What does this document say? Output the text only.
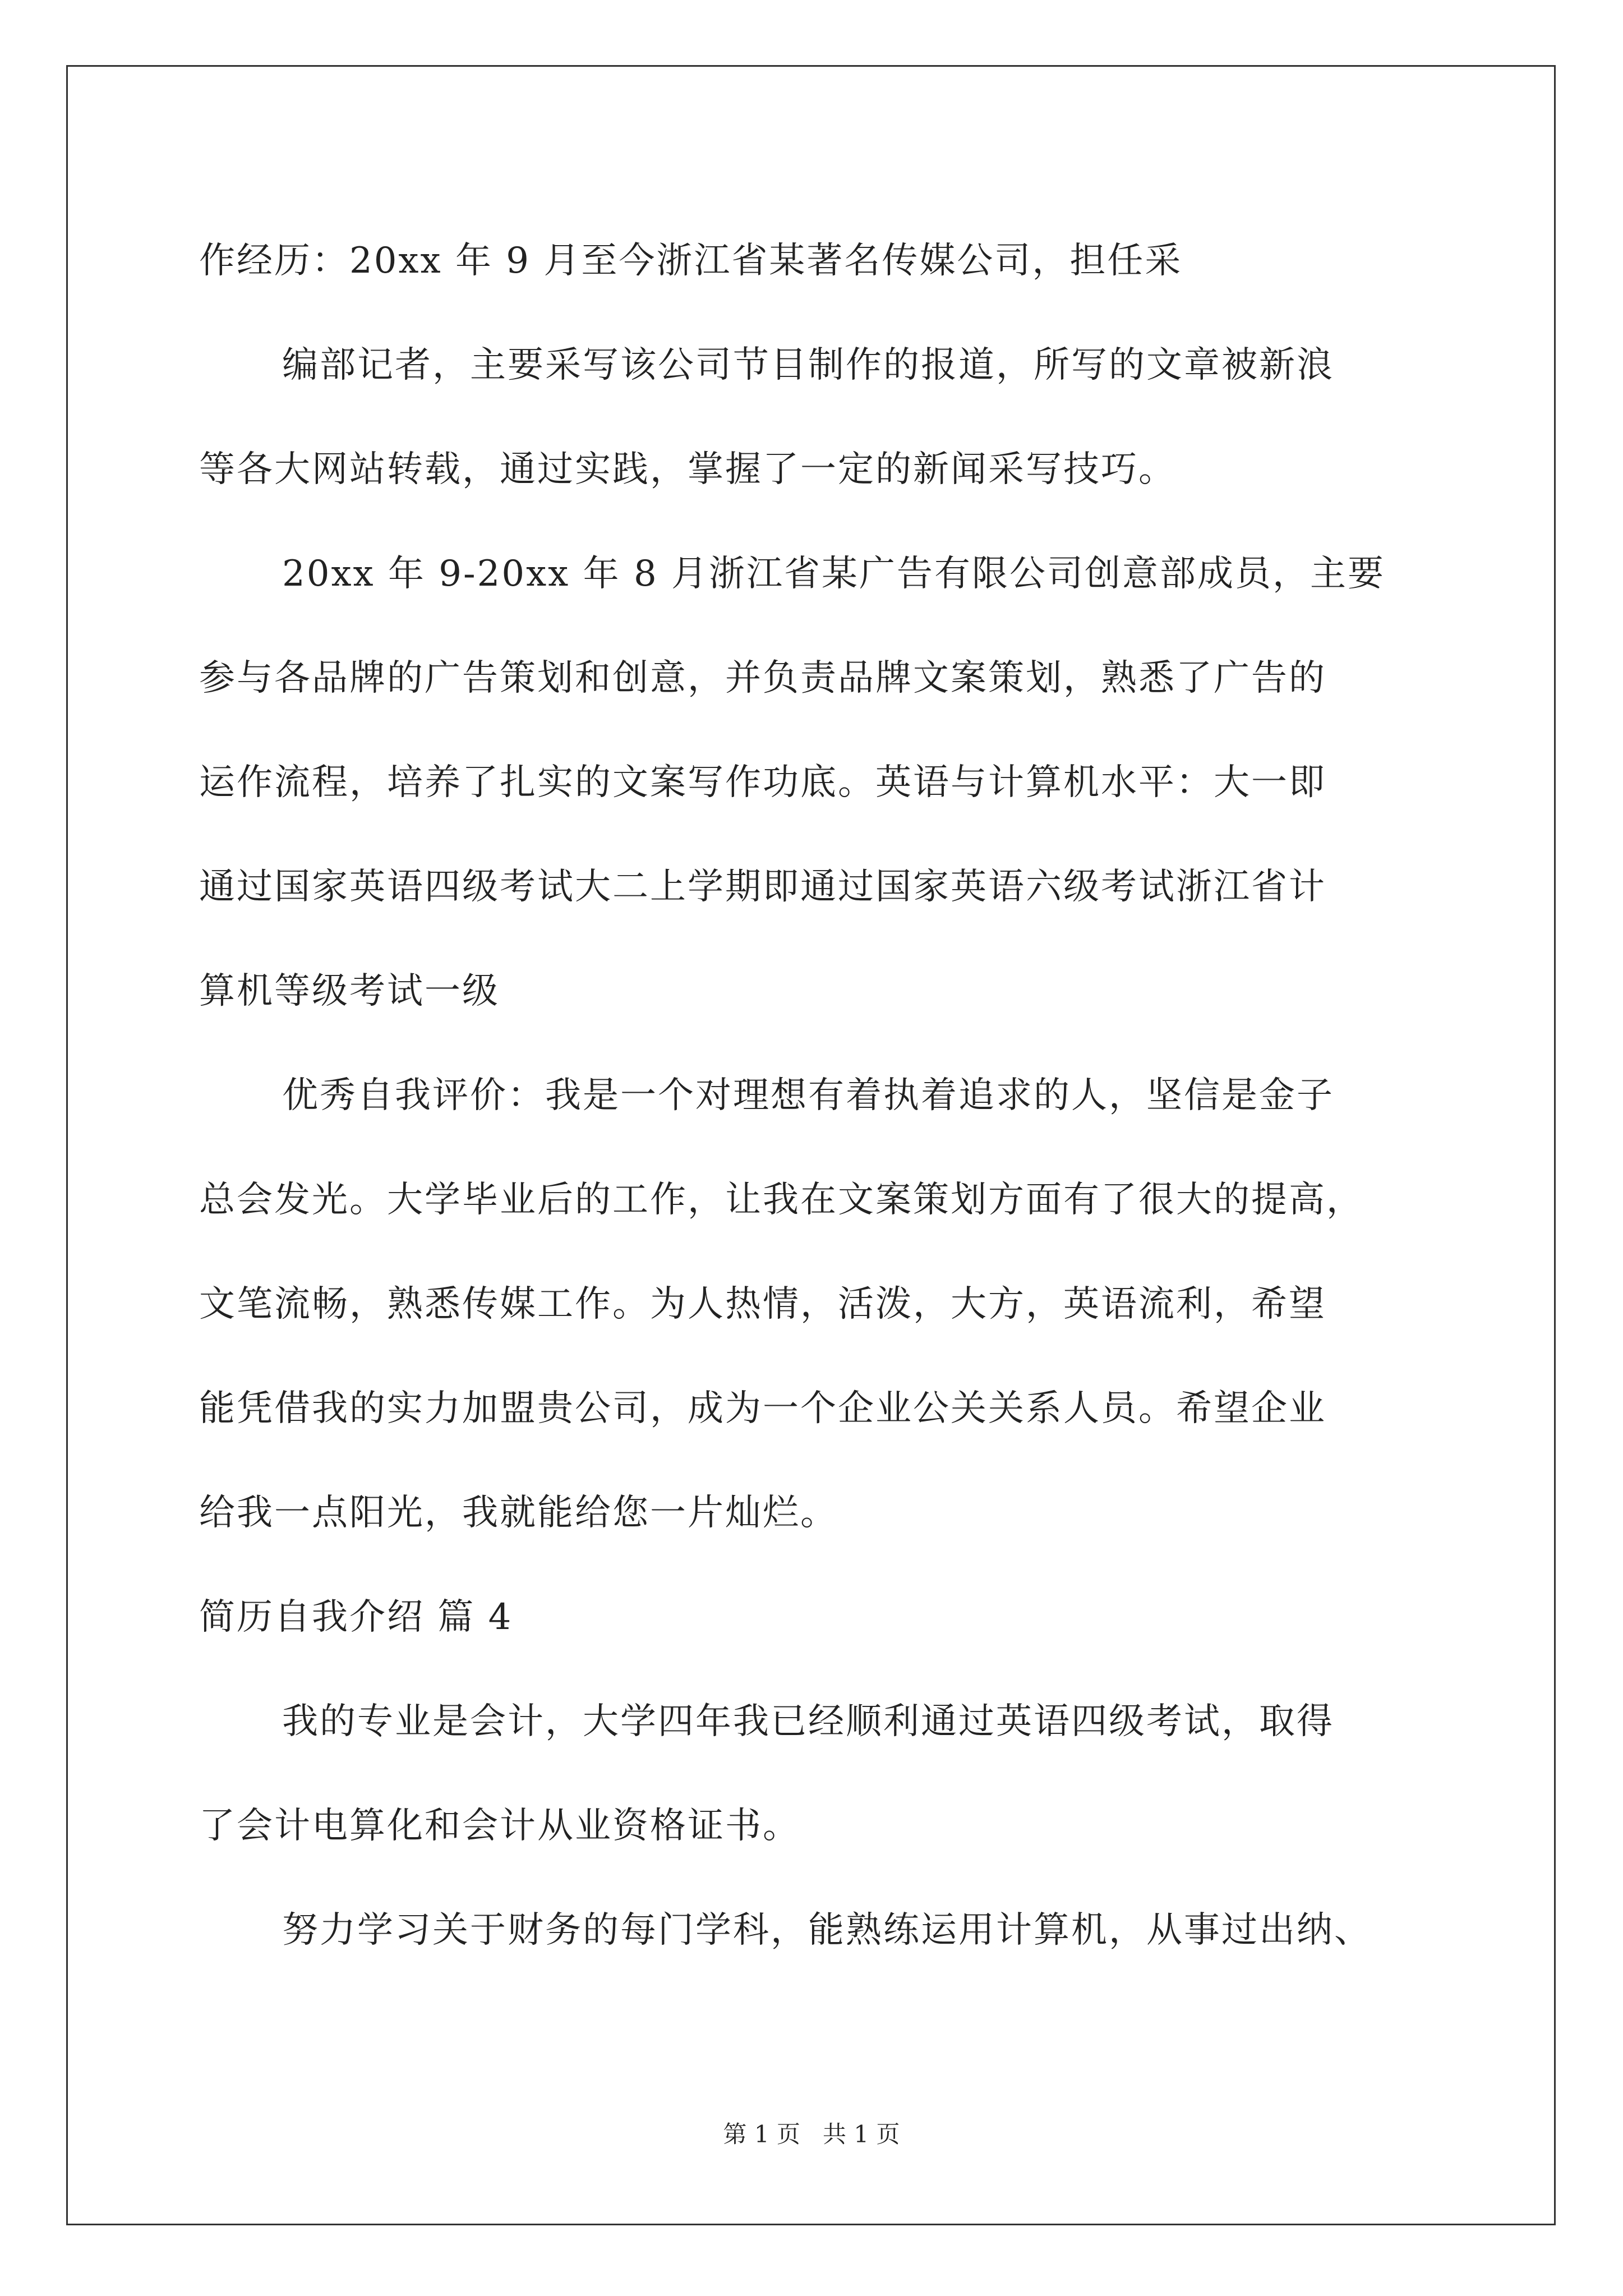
作经历：20xx 年 9 月至今浙江省某著名传媒公司，担任采
编部记者，主要采写该公司节目制作的报道，所写的文章被新浪
等各大网站转载，通过实践，掌握了一定的新闻采写技巧。
20xx 年 9-20xx 年 8 月浙江省某广告有限公司创意部成员，主要
参与各品牌的广告策划和创意，并负责品牌文案策划，熟悉了广告的
运作流程，培养了扎实的文案写作功底。英语与计算机水平：大一即
通过国家英语四级考试大二上学期即通过国家英语六级考试浙江省计
算机等级考试一级
优秀自我评价：我是一个对理想有着执着追求的人，坚信是金子
总会发光。大学毕业后的工作，让我在文案策划方面有了很大的提高，
文笔流畅，熟悉传媒工作。为人热情，活泼，大方，英语流利，希望
能凭借我的实力加盟贵公司，成为一个企业公关关系人员。希望企业
给我一点阳光，我就能给您一片灿烂。
简历自我介绍 篇 4
我的专业是会计，大学四年我已经顺利通过英语四级考试，取得
了会计电算化和会计从业资格证书。
努力学习关于财务的每门学科，能熟练运用计算机，从事过出纳、
第 1 页   共 1 页
